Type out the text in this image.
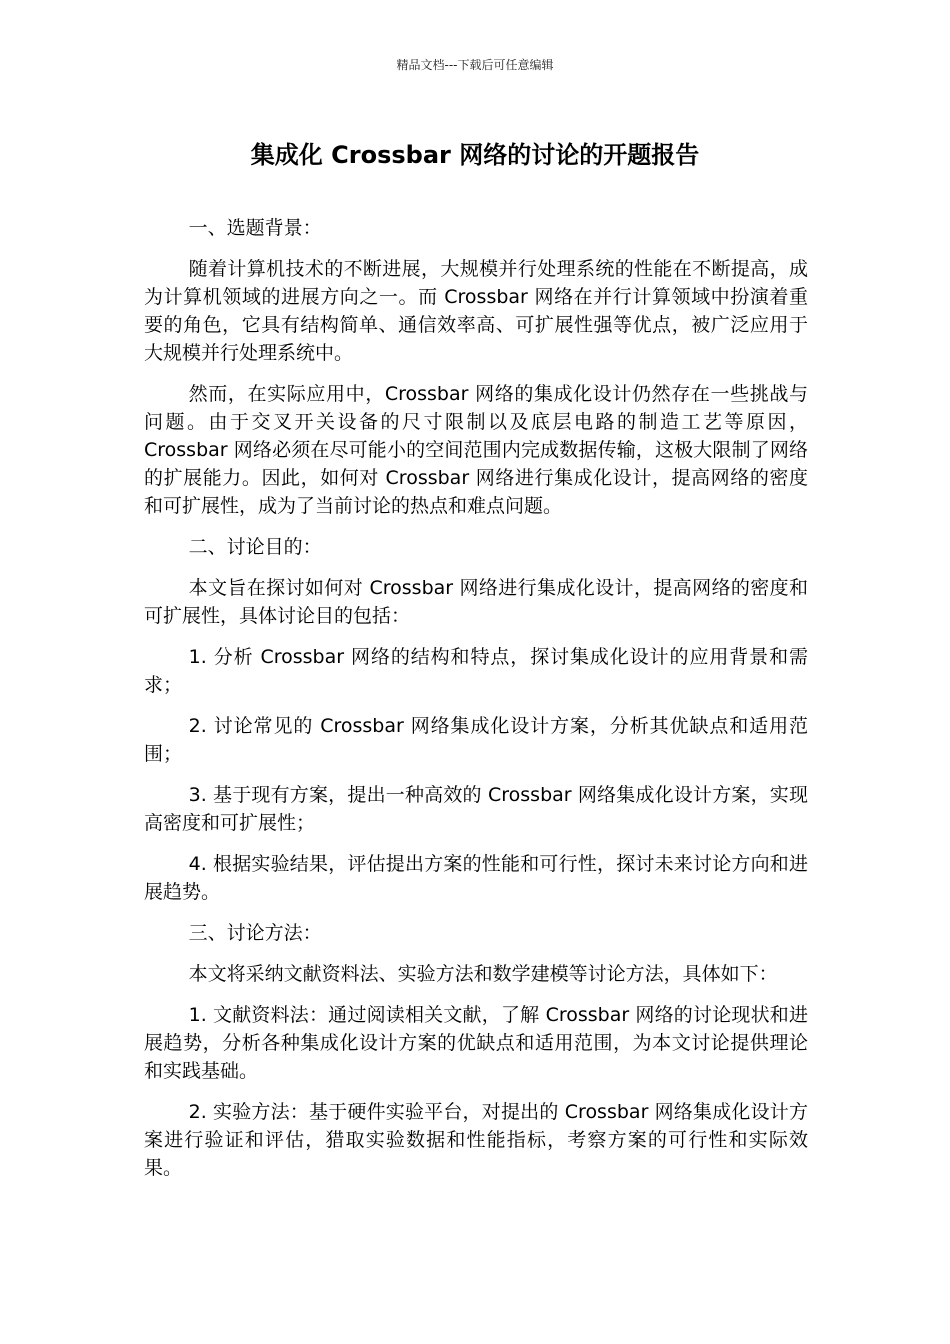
精品文档---下载后可任意编辑
集成化 Crossbar 网络的讨论的开题报告

一、选题背景：

随着计算机技术的不断进展，大规模并行处理系统的性能在不断提高，成为计算机领域的进展方向之一。而 Crossbar 网络在并行计算领域中扮演着重要的角色，它具有结构简单、通信效率高、可扩展性强等优点，被广泛应用于大规模并行处理系统中。

然而，在实际应用中，Crossbar 网络的集成化设计仍然存在一些挑战与问题。由于交叉开关设备的尺寸限制以及底层电路的制造工艺等原因，Crossbar 网络必须在尽可能小的空间范围内完成数据传输，这极大限制了网络的扩展能力。因此，如何对 Crossbar 网络进行集成化设计，提高网络的密度和可扩展性，成为了当前讨论的热点和难点问题。

二、讨论目的：

本文旨在探讨如何对 Crossbar 网络进行集成化设计，提高网络的密度和可扩展性，具体讨论目的包括：

1. 分析 Crossbar 网络的结构和特点，探讨集成化设计的应用背景和需求；

2. 讨论常见的 Crossbar 网络集成化设计方案，分析其优缺点和适用范围；

3. 基于现有方案，提出一种高效的 Crossbar 网络集成化设计方案，实现高密度和可扩展性；

4. 根据实验结果，评估提出方案的性能和可行性，探讨未来讨论方向和进展趋势。

三、讨论方法：

本文将采纳文献资料法、实验方法和数学建模等讨论方法，具体如下：

1. 文献资料法：通过阅读相关文献，了解 Crossbar 网络的讨论现状和进展趋势，分析各种集成化设计方案的优缺点和适用范围，为本文讨论提供理论和实践基础。

2. 实验方法：基于硬件实验平台，对提出的 Crossbar 网络集成化设计方案进行验证和评估，猎取实验数据和性能指标，考察方案的可行性和实际效果。
